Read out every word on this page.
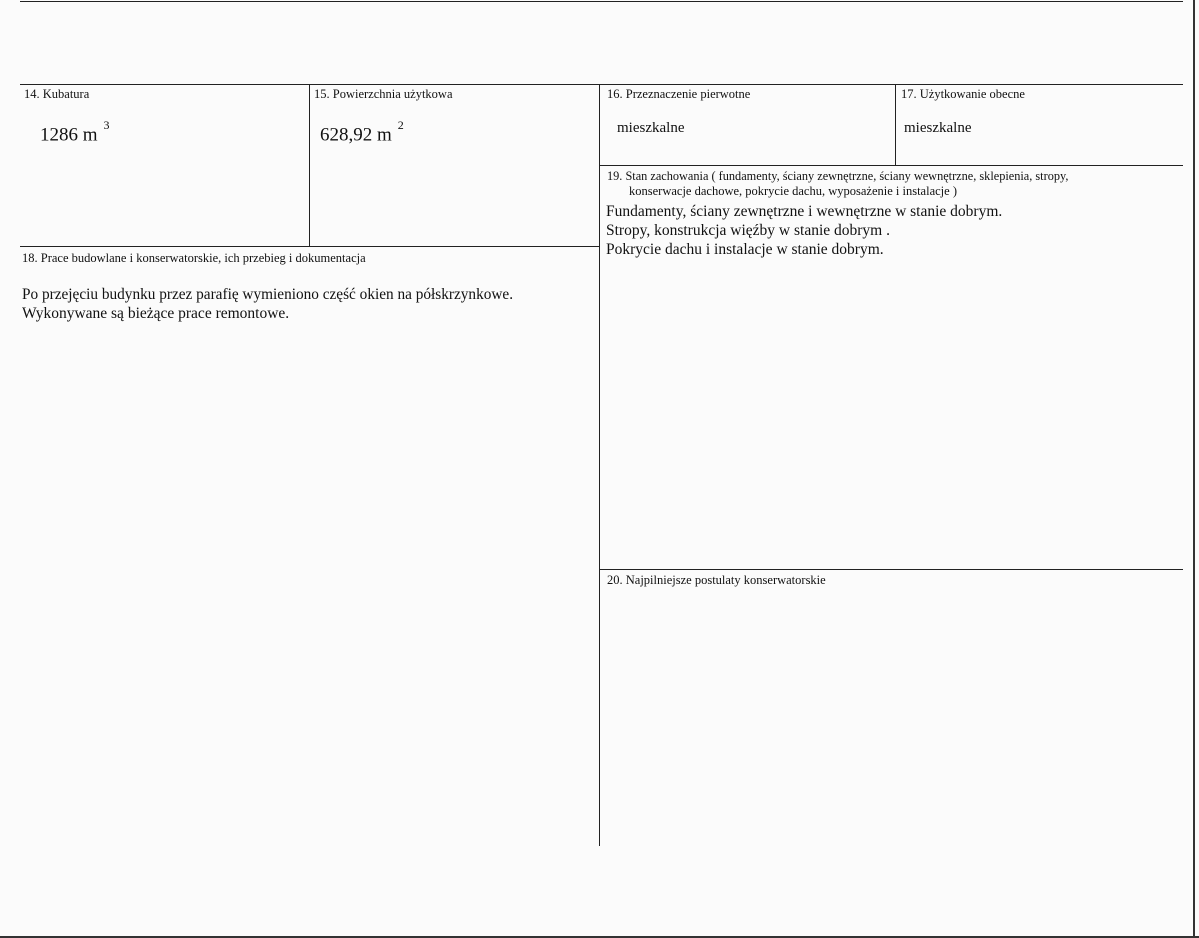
14. Kubatura
1286 m $^3$
15. Powierzchnia użytkowa
628,92 m $^2$
16. Przeznaczenie pierwotne
mieszkalne
17. Użytkowanie obecne
mieszkalne
19. Stan zachowania ( fundamenty, ściany zewnętrzne, ściany wewnętrzne, sklepienia, stropy,
konserwacje dachowe, pokrycie dachu, wyposażenie i instalacje )
Fundamenty, ściany zewnętrzne i wewnętrzne w stanie dobrym.
Stropy, konstrukcja więźby w stanie dobrym .
Pokrycie dachu i instalacje w stanie dobrym.
18. Prace budowlane i konserwatorskie, ich przebieg i dokumentacja
Po przejęciu budynku przez parafię wymieniono część okien na półskrzynkowe.
Wykonywane są bieżące prace remontowe.
20. Najpilniejsze postulaty konserwatorskie
